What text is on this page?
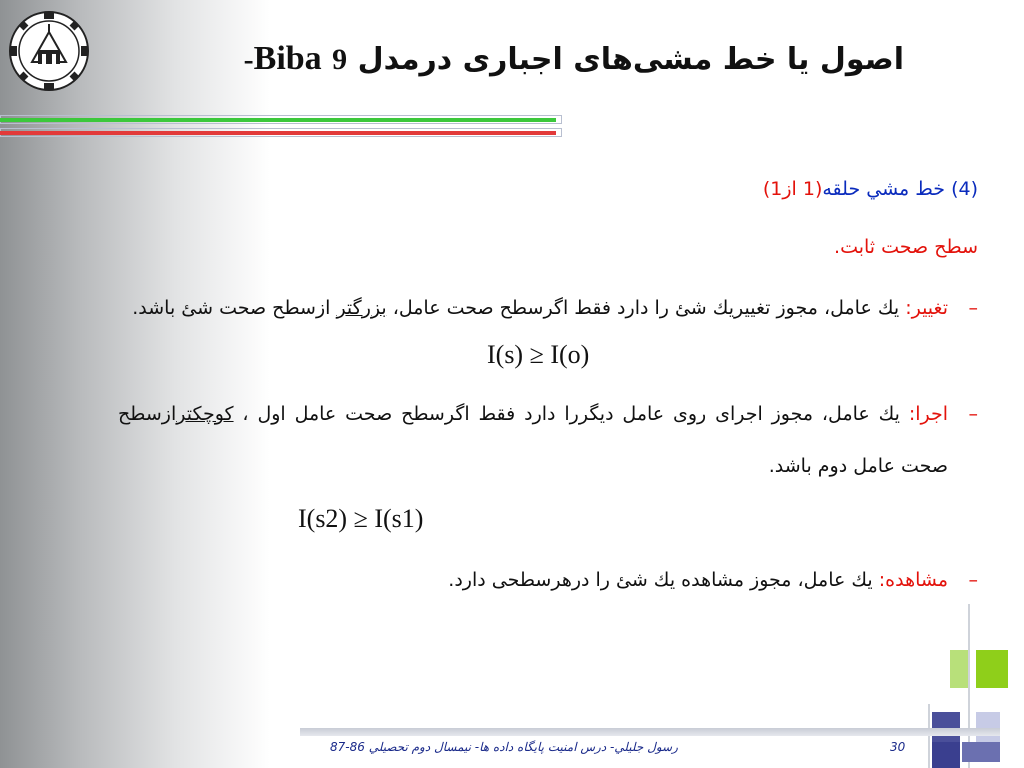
اصول یا خط مشی‌های اجباری درمدل Biba 9-
(4) خط مشي حلقه(1 از1)
سطح صحت ثابت.
–
تغییر: يك عامل، مجوز تغییريك شئ را دارد فقط اگرسطح صحت عامل، بزرگتر ازسطح صحت شئ باشد.
I(s) ≥ I(o)
–
اجرا: يك عامل، مجوز اجرای روی عامل دیگررا دارد فقط اگرسطح صحت عامل اول ، کوچکترازسطح صحت عامل دوم باشد.
I(s2) ≥ I(s1)
–
مشاهده: يك عامل، مجوز مشاهده يك شئ را درهرسطحی دارد.
رسول جليلي- درس امنيت پايگاه داده ها- نيمسال دوم تحصيلي 86-87	30
